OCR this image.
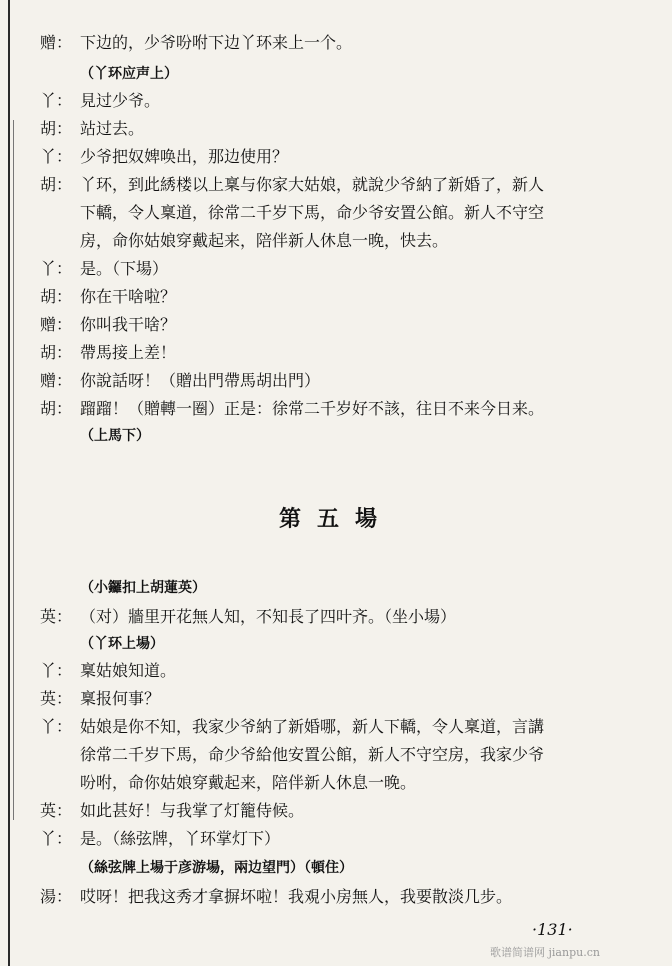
赠： 下边的，少爷吩咐下边丫环来上一个。
（丫环应声上）
丫： 見过少爷。
胡： 站过去。
丫： 少爷把奴婢唤出，那边使用？
胡： 丫环，到此綉楼以上稟与你家大姑娘，就說少爷納了新婚了，新人
下轎，令人稟道，徐常二千岁下馬，命少爷安置公館。新人不守空
房，命你姑娘穿戴起来，陪伴新人休息一晚，快去。
丫： 是。（下場）
胡： 你在干啥啦？
赠： 你叫我干啥？
胡： 帶馬接上差！
赠： 你說話呀！（贈出門帶馬胡出門）
胡： 蹓蹓！（贈轉一圈）正是：徐常二千岁好不該，往日不来今日来。
（上馬下）
（小鑼扣上胡蓮英）
英： （对）牆里开花無人知，不知長了四叶齐。（坐小場）
（丫环上場）
丫： 稟姑娘知道。
英： 稟报何事？
丫： 姑娘是你不知，我家少爷納了新婚哪，新人下轎，令人稟道，言講
徐常二千岁下馬，命少爷給他安置公館，新人不守空房，我家少爷
吩咐，命你姑娘穿戴起来，陪伴新人休息一晚。
英： 如此甚好！与我掌了灯籠侍候。
丫： 是。（絲弦牌，丫环掌灯下）
（絲弦牌上場于彦游場，兩边望門）（頓住）
湯： 哎呀！把我这秀才拿摒坏啦！我覌小房無人，我要散淡几步。
第五場
·131·
歌谱简谱网 jianpu.cn
